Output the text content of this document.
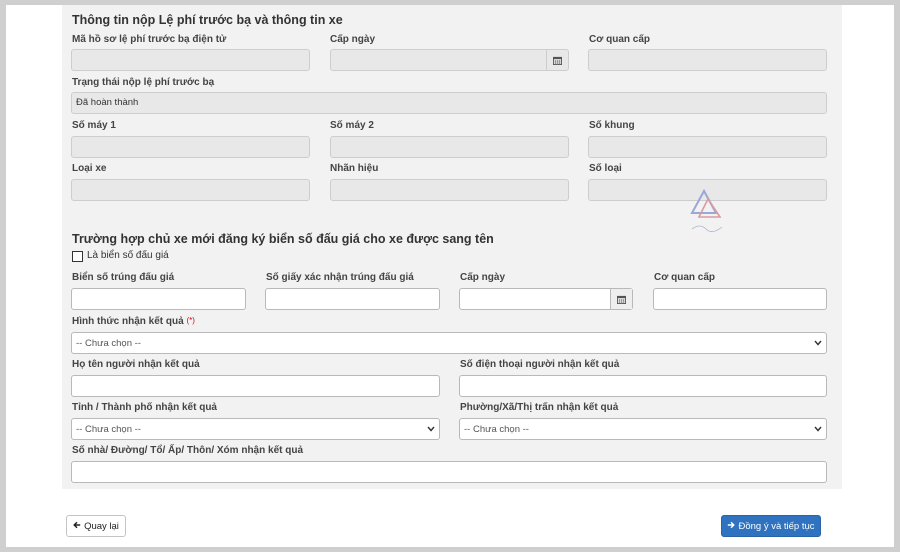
Thông tin nộp Lệ phí trước bạ và thông tin xe
Mã hồ sơ lệ phí trước bạ điện tử	Cấp ngày	Cơ quan cấp
Trạng thái nộp lệ phí trước bạ
Đã hoàn thành
Số máy 1	Số máy 2	Số khung
Loại xe	Nhãn hiệu	Số loại
Trường hợp chủ xe mới đăng ký biển số đấu giá cho xe được sang tên
Là biển số đấu giá
Biển số trúng đấu giá	Số giấy xác nhận trúng đấu giá	Cấp ngày	Cơ quan cấp
Hình thức nhận kết quả (*)
-- Chưa chọn --
Họ tên người nhận kết quả	Số điện thoại người nhận kết quả
Tỉnh / Thành phố nhận kết quả	Phường/Xã/Thị trấn nhận kết quả
-- Chưa chọn --	-- Chưa chọn --
Số nhà/ Đường/ Tổ/ Ấp/ Thôn/ Xóm nhận kết quả
Quay lại	Đồng ý và tiếp tục
